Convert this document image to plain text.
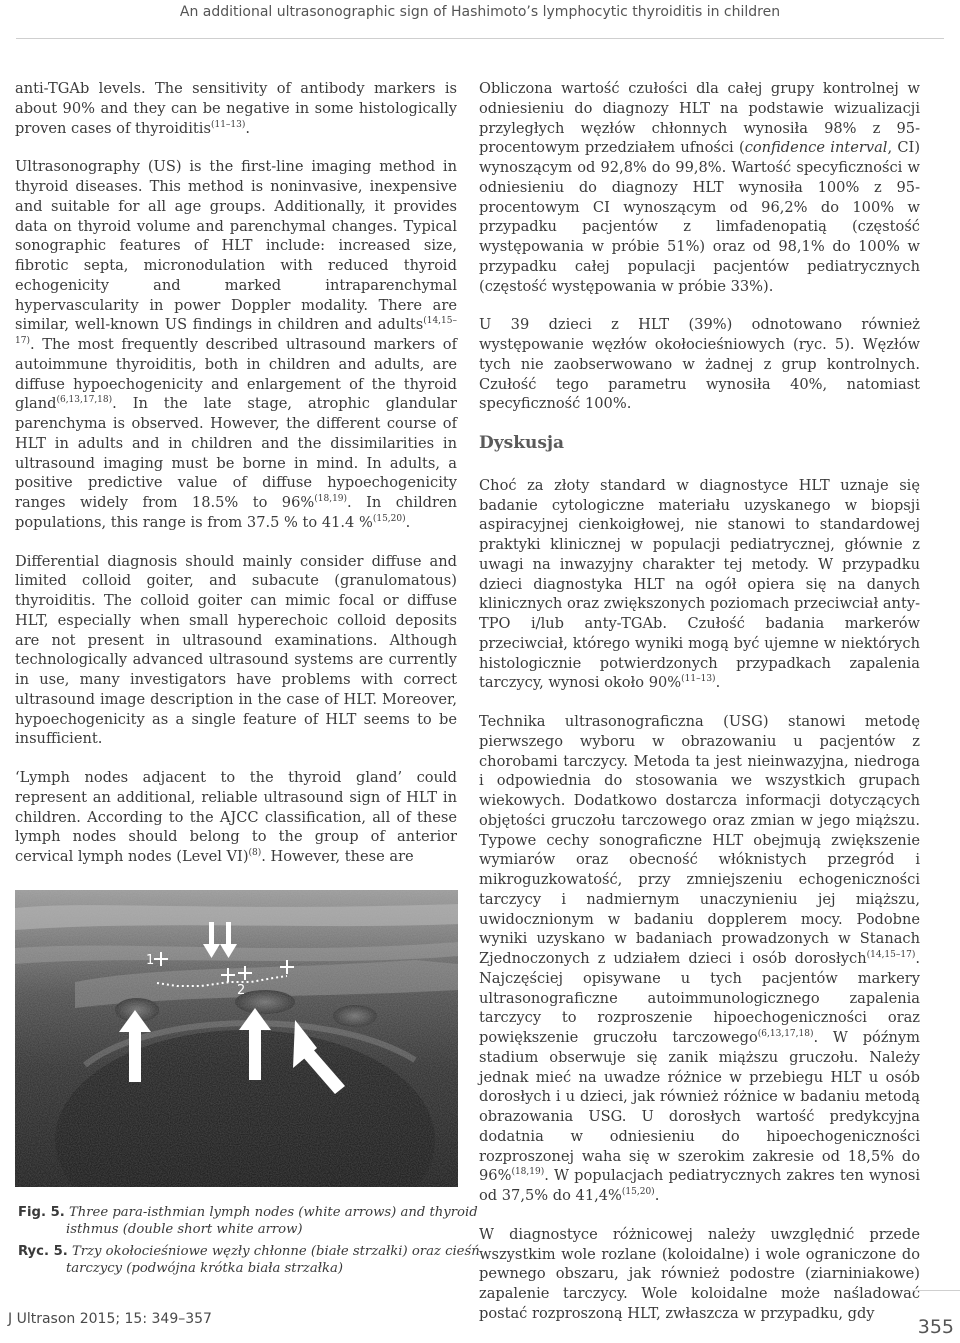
An additional ultrasonographic sign of Hashimoto’s lymphocytic thyroiditis in children

anti-TGAb levels. The sensitivity of antibody markers is about 90% and they can be negative in some histologically proven cases of thyroiditis$^{(11-13)}$.

Ultrasonography (US) is the first-line imaging method in thyroid diseases. This method is noninvasive, inexpensive and suitable for all age groups. Additionally, it provides data on thyroid volume and parenchymal changes. Typical sonographic features of HLT include: increased size, fibrotic septa, micronodulation with reduced thyroid echogenicity and marked intraparenchymal hypervascularity in power Doppler modality. There are similar, well-known US findings in children and adults$^{(14,15-17)}$. The most frequently described ultrasound markers of autoimmune thyroiditis, both in children and adults, are diffuse hypoechogenicity and enlargement of the thyroid gland$^{(6,13,17,18)}$. In the late stage, atrophic glandular parenchyma is observed. However, the different course of HLT in adults and in children and the dissimilarities in ultrasound imaging must be borne in mind. In adults, a positive predictive value of diffuse hypoechogenicity ranges widely from 18.5% to 96%$^{(18,19)}$. In children populations, this range is from 37.5 % to 41.4 %$^{(15,20)}$.

Differential diagnosis should mainly consider diffuse and limited colloid goiter, and subacute (granulomatous) thyroiditis. The colloid goiter can mimic focal or diffuse HLT, especially when small hyperechoic colloid deposits are not present in ultrasound examinations. Although technologically advanced ultrasound systems are currently in use, many investigators have problems with correct ultrasound image description in the case of HLT. Moreover, hypoechogenicity as a single feature of HLT seems to be insufficient.

‘Lymph nodes adjacent to the thyroid gland’ could represent an additional, reliable ultrasound sign of HLT in children. According to the AJCC classification, all of these lymph nodes should belong to the group of anterior cervical lymph nodes (Level VI)$^{(8)}$. However, these are

1
2
Fig. 5. Three para-isthmian lymph nodes (white arrows) and thyroid isthmus (double short white arrow)
Ryc. 5. Trzy okołocieśniowe węzły chłonne (białe strzałki) oraz cieśń tarczycy (podwójna krótka biała strzałka)

Obliczona wartość czułości dla całej grupy kontrolnej w odniesieniu do diagnozy HLT na podstawie wizualizacji przyległych węzłów chłonnych wynosiła 98% z 95-procentowym przedziałem ufności (confidence interval, CI) wynoszącym od 92,8% do 99,8%. Wartość specyficzności w odniesieniu do diagnozy HLT wynosiła 100% z 95-procentowym CI wynoszącym od 96,2% do 100% w przypadku pacjentów z limfadenopatią (częstość występowania w próbie 51%) oraz od 98,1% do 100% w przypadku całej populacji pacjentów pediatrycznych (częstość występowania w próbie 33%).

U 39 dzieci z HLT (39%) odnotowano również występowanie węzłów okołocieśniowych (ryc. 5). Węzłów tych nie zaobserwowano w żadnej z grup kontrolnych. Czułość tego parametru wynosiła 40%, natomiast specyficzność 100%.

Dyskusja

Choć za złoty standard w diagnostyce HLT uznaje się badanie cytologiczne materiału uzyskanego w biopsji aspiracyjnej cienkoigłowej, nie stanowi to standardowej praktyki klinicznej w populacji pediatrycznej, głównie z uwagi na inwazyjny charakter tej metody. W przypadku dzieci diagnostyka HLT na ogół opiera się na danych klinicznych oraz zwiększonych poziomach przeciwciał anty-TPO i/lub anty-TGAb. Czułość badania markerów przeciwciał, którego wyniki mogą być ujemne w niektórych histologicznie potwierdzonych przypadkach zapalenia tarczycy, wynosi około 90%$^{(11-13)}$.

Technika ultrasonograficzna (USG) stanowi metodę pierwszego wyboru w obrazowaniu u pacjentów z chorobami tarczycy. Metoda ta jest nieinwazyjna, niedroga i odpowiednia do stosowania we wszystkich grupach wiekowych. Dodatkowo dostarcza informacji dotyczących objętości gruczołu tarczowego oraz zmian w jego miąższu. Typowe cechy sonograficzne HLT obejmują zwiększenie wymiarów oraz obecność włóknistych przegród i mikroguzkowatość, przy zmniejszeniu echogeniczności tarczycy i nadmiernym unaczynieniu jej miąższu, uwidocznionym w badaniu dopplerem mocy. Podobne wyniki uzyskano w badaniach prowadzonych w Stanach Zjednoczonych z udziałem dzieci i osób dorosłych$^{(14,15-17)}$. Najczęściej opisywane u tych pacjentów markery ultrasonograficzne autoimmunologicznego zapalenia tarczycy to rozproszenie hipoechogeniczności oraz powiększenie gruczołu tarczowego$^{(6,13,17,18)}$. W późnym stadium obserwuje się zanik miąższu gruczołu. Należy jednak mieć na uwadze różnice w przebiegu HLT u osób dorosłych i u dzieci, jak również różnice w badaniu metodą obrazowania USG. U dorosłych wartość predykcyjna dodatnia w odniesieniu do hipoechogeniczności rozproszonej waha się w szerokim zakresie od 18,5% do 96%$^{(18,19)}$. W populacjach pediatrycznych zakres ten wynosi od 37,5% do 41,4%$^{(15,20)}$.

W diagnostyce różnicowej należy uwzględnić przede wszystkim wole rozlane (koloidalne) i wole ograniczone do pewnego obszaru, jak również podostre (ziarniniakowe) zapalenie tarczycy. Wole koloidalne może naśladować postać rozproszoną HLT, zwłaszcza w przypadku, gdy

J Ultrason 2015; 15: 349–357	355
